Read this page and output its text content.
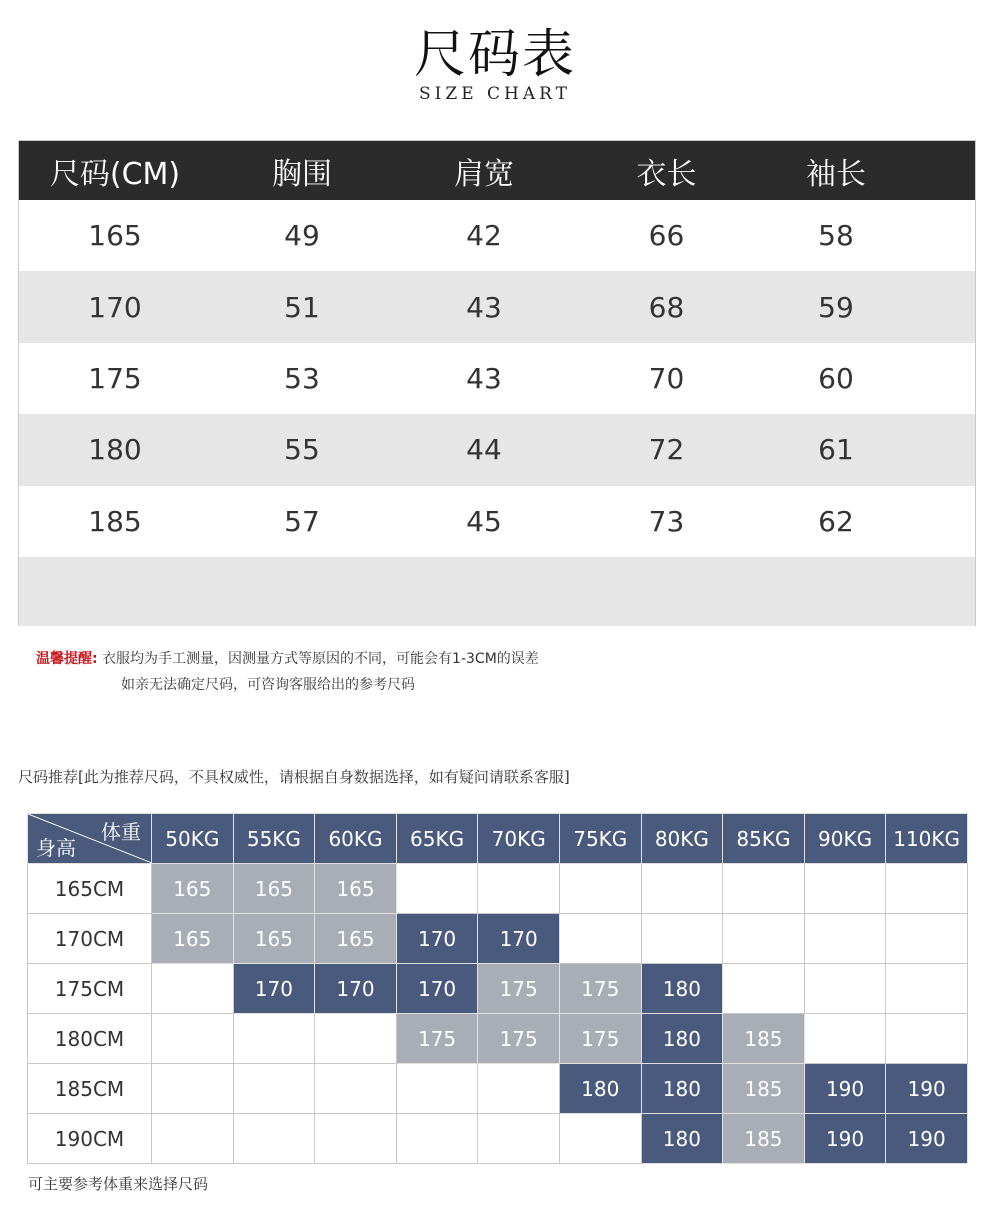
尺码表
SIZE CHART
尺码(CM)	胸围	肩宽	衣长	袖长
165	49	42	66	58
170	51	43	68	59
175	53	43	70	60
180	55	44	72	61
185	57	45	73	62
温馨提醒: 衣服均为手工测量，因测量方式等原因的不同，可能会有1-3CM的误差
如亲无法确定尺码，可咨询客服给出的参考尺码
尺码推荐[此为推荐尺码，不具权威性，请根据自身数据选择，如有疑问请联系客服]
体重
身高	50KG	55KG	60KG	65KG	70KG	75KG	80KG	85KG	90KG	110KG
165CM	165	165	165							
170CM	165	165	165	170	170					
175CM		170	170	170	175	175	180			
180CM				175	175	175	180	185		
185CM						180	180	185	190	190
190CM							180	185	190	190
可主要参考体重来选择尺码
